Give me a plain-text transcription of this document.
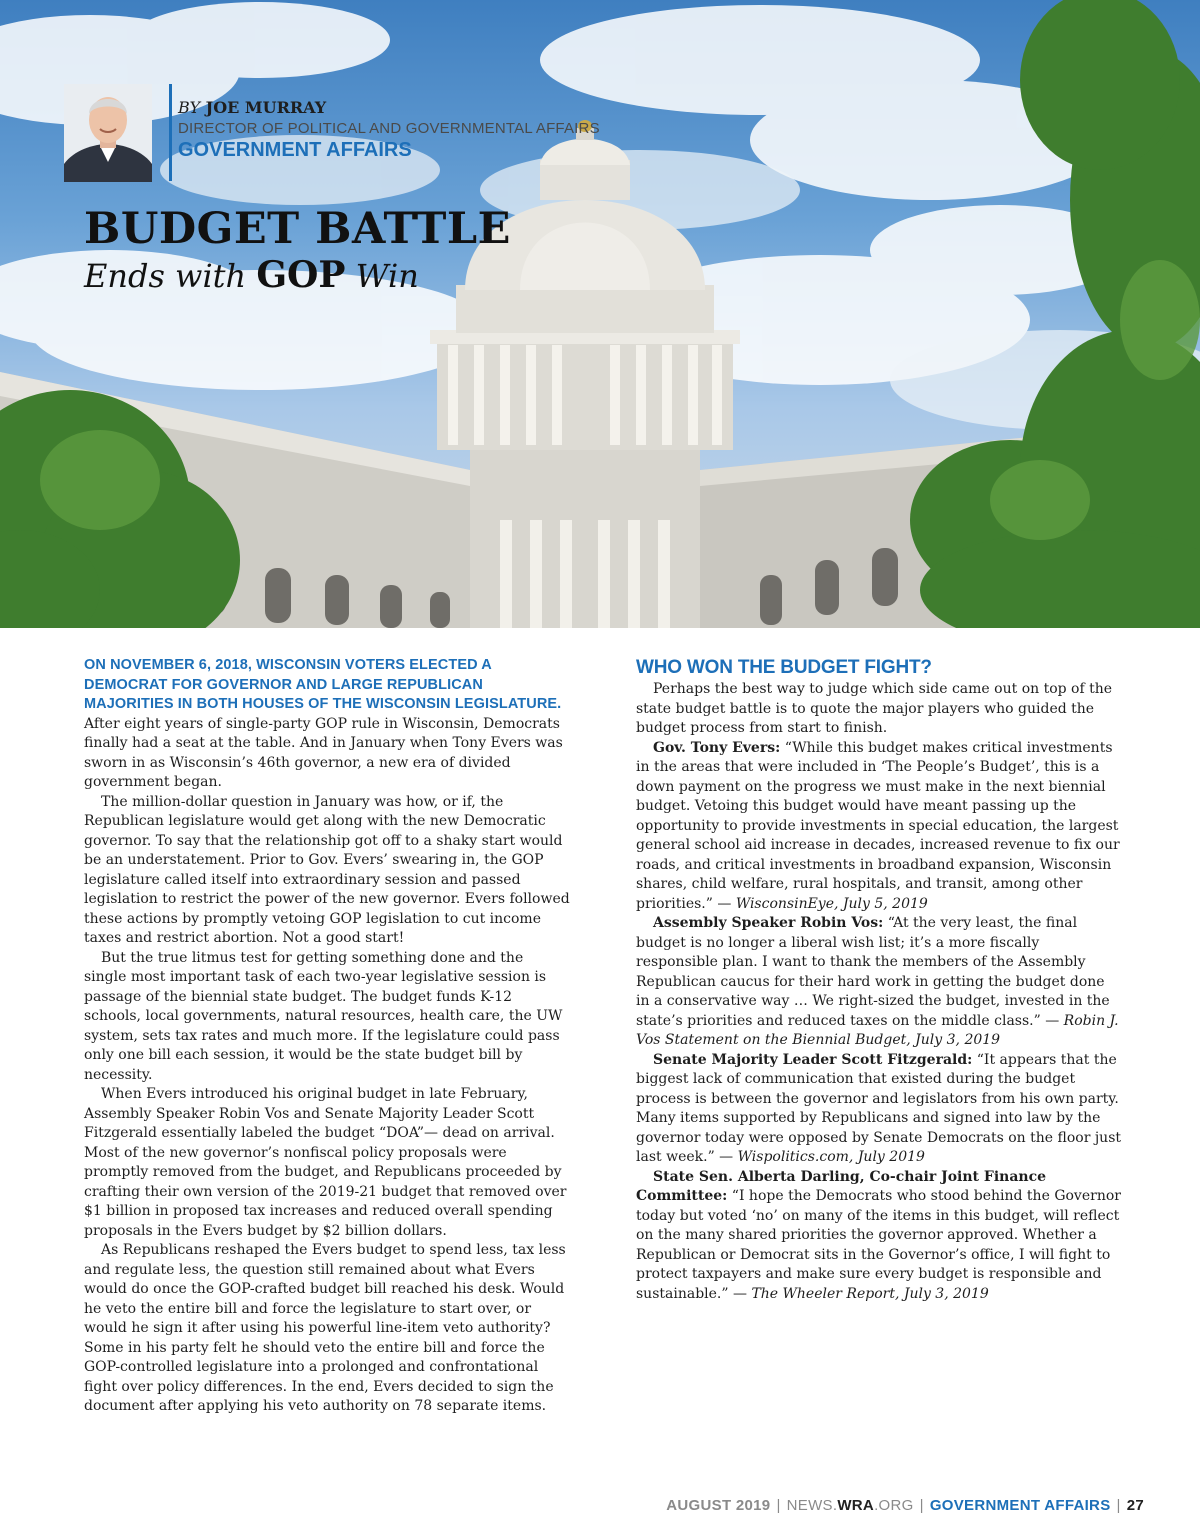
BY JOE MURRAY
DIRECTOR OF POLITICAL AND GOVERNMENTAL AFFAIRS
GOVERNMENT AFFAIRS
BUDGET BATTLE
Ends with GOP Win

ON NOVEMBER 6, 2018, WISCONSIN VOTERS ELECTED A DEMOCRAT FOR GOVERNOR AND LARGE REPUBLICAN MAJORITIES IN BOTH HOUSES OF THE WISCONSIN LEGISLATURE. After eight years of single-party GOP rule in Wisconsin, Democrats finally had a seat at the table. And in January when Tony Evers was sworn in as Wisconsin’s 46th governor, a new era of divided government began.

The million-dollar question in January was how, or if, the Republican legislature would get along with the new Democratic governor. To say that the relationship got off to a shaky start would be an understatement. Prior to Gov. Evers’ swearing in, the GOP legislature called itself into extraordinary session and passed legislation to restrict the power of the new governor. Evers followed these actions by promptly vetoing GOP legislation to cut income taxes and restrict abortion. Not a good start!

But the true litmus test for getting something done and the single most important task of each two-year legislative session is passage of the biennial state budget. The budget funds K-12 schools, local governments, natural resources, health care, the UW system, sets tax rates and much more. If the legislature could pass only one bill each session, it would be the state budget bill by necessity.

When Evers introduced his original budget in late February, Assembly Speaker Robin Vos and Senate Majority Leader Scott Fitzgerald essentially labeled the budget “DOA”— dead on arrival. Most of the new governor’s nonfiscal policy proposals were promptly removed from the budget, and Republicans proceeded by crafting their own version of the 2019-21 budget that removed over $1 billion in proposed tax increases and reduced overall spending proposals in the Evers budget by $2 billion dollars.

As Republicans reshaped the Evers budget to spend less, tax less and regulate less, the question still remained about what Evers would do once the GOP-crafted budget bill reached his desk. Would he veto the entire bill and force the legislature to start over, or would he sign it after using his powerful line-item veto authority? Some in his party felt he should veto the entire bill and force the GOP-controlled legislature into a prolonged and confrontational fight over policy differences. In the end, Evers decided to sign the document after applying his veto authority on 78 separate items.

WHO WON THE BUDGET FIGHT?

Perhaps the best way to judge which side came out on top of the state budget battle is to quote the major players who guided the budget process from start to finish.

Gov. Tony Evers: “While this budget makes critical investments in the areas that were included in ‘The People’s Budget’, this is a down payment on the progress we must make in the next biennial budget. Vetoing this budget would have meant passing up the opportunity to provide investments in special education, the largest general school aid increase in decades, increased revenue to fix our roads, and critical investments in broadband expansion, Wisconsin shares, child welfare, rural hospitals, and transit, among other priorities.” — WisconsinEye, July 5, 2019

Assembly Speaker Robin Vos: “At the very least, the final budget is no longer a liberal wish list; it’s a more fiscally responsible plan. I want to thank the members of the Assembly Republican caucus for their hard work in getting the budget done in a conservative way … We right-sized the budget, invested in the state’s priorities and reduced taxes on the middle class.” — Robin J. Vos Statement on the Biennial Budget, July 3, 2019

Senate Majority Leader Scott Fitzgerald: “It appears that the biggest lack of communication that existed during the budget process is between the governor and legislators from his own party. Many items supported by Republicans and signed into law by the governor today were opposed by Senate Democrats on the floor just last week.” — Wispolitics.com, July 2019

State Sen. Alberta Darling, Co-chair Joint Finance Committee: “I hope the Democrats who stood behind the Governor today but voted ‘no’ on many of the items in this budget, will reflect on the many shared priorities the governor approved. Whether a Republican or Democrat sits in the Governor’s office, I will fight to protect taxpayers and make sure every budget is responsible and sustainable.” — The Wheeler Report, July 3, 2019

AUGUST 2019 | NEWS.WRA.ORG | GOVERNMENT AFFAIRS | 27
